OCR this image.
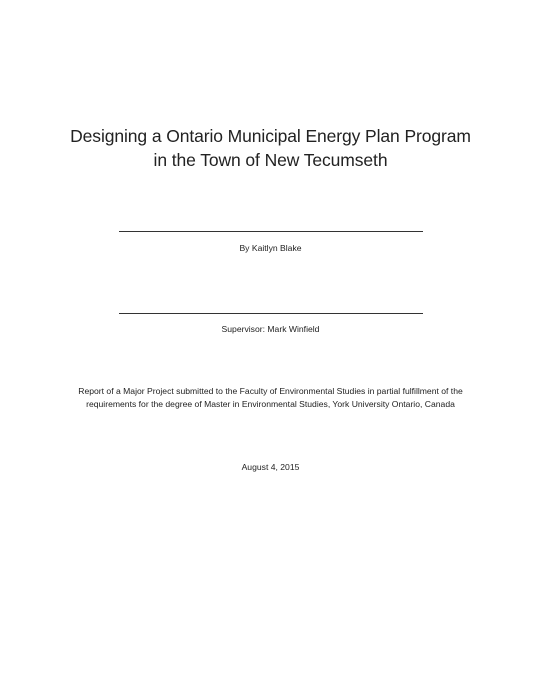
Designing a Ontario Municipal Energy Plan Program
in the Town of New Tecumseth
By Kaitlyn Blake
Supervisor: Mark Winfield
Report of a Major Project submitted to the Faculty of Environmental Studies in partial fulfillment of the
requirements for the degree of Master in Environmental Studies, York University Ontario, Canada
August 4, 2015
